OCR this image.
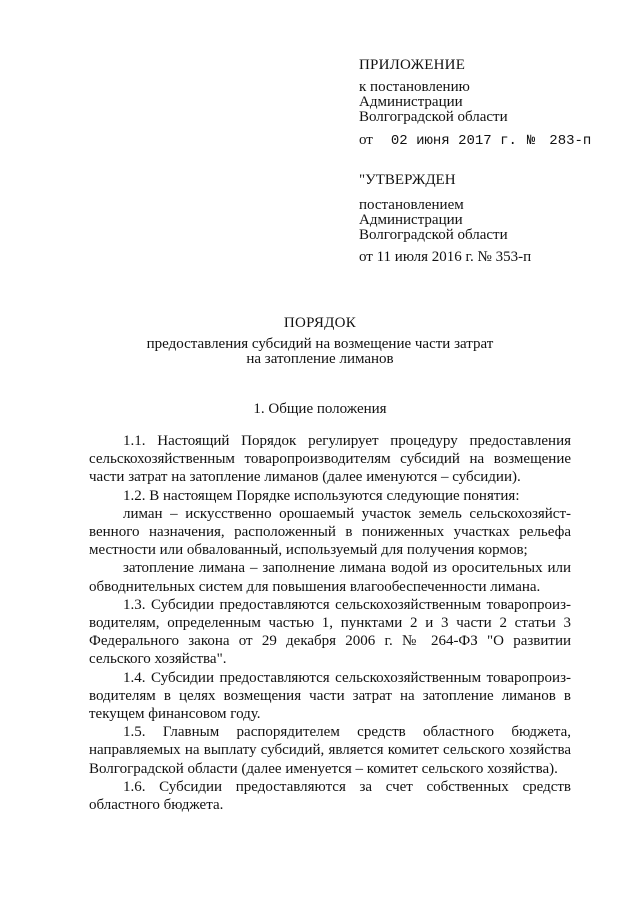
ПРИЛОЖЕНИЕ
к постановлению
Администрации
Волгоградской области
от 02 июня 2017 г. № 283-п
"УТВЕРЖДЕН
постановлением
Администрации
Волгоградской области
от 11 июля 2016 г. № 353-п
ПОРЯДОК
предоставления субсидий на возмещение части затрат
на затопление лиманов
1. Общие положения

1.1. Настоящий Порядок регулирует процедуру предоставления сельскохозяйственным товаропроизводителям субсидий на возмещение части затрат на затопление лиманов (далее именуются – субсидии).

1.2. В настоящем Порядке используются следующие понятия:

лиман – искусственно орошаемый участок земель сельскохозяйст-венного назначения, расположенный в пониженных участках рельефа местности или обвалованный, используемый для получения кормов;

затопление лимана – заполнение лимана водой из оросительных или обводнительных систем для повышения влагообеспеченности лимана.

1.3. Субсидии предоставляются сельскохозяйственным товаропроиз-водителям, определенным частью 1, пунктами 2 и 3 части 2 статьи 3 Федерального закона от 29 декабря 2006 г. № 264-ФЗ "О развитии сельского хозяйства".

1.4. Субсидии предоставляются сельскохозяйственным товаропроиз-водителям в целях возмещения части затрат на затопление лиманов в текущем финансовом году.

1.5. Главным распорядителем средств областного бюджета, направляемых на выплату субсидий, является комитет сельского хозяйства Волгоградской области (далее именуется – комитет сельского хозяйства).

1.6. Субсидии предоставляются за счет собственных средств областного бюджета.
